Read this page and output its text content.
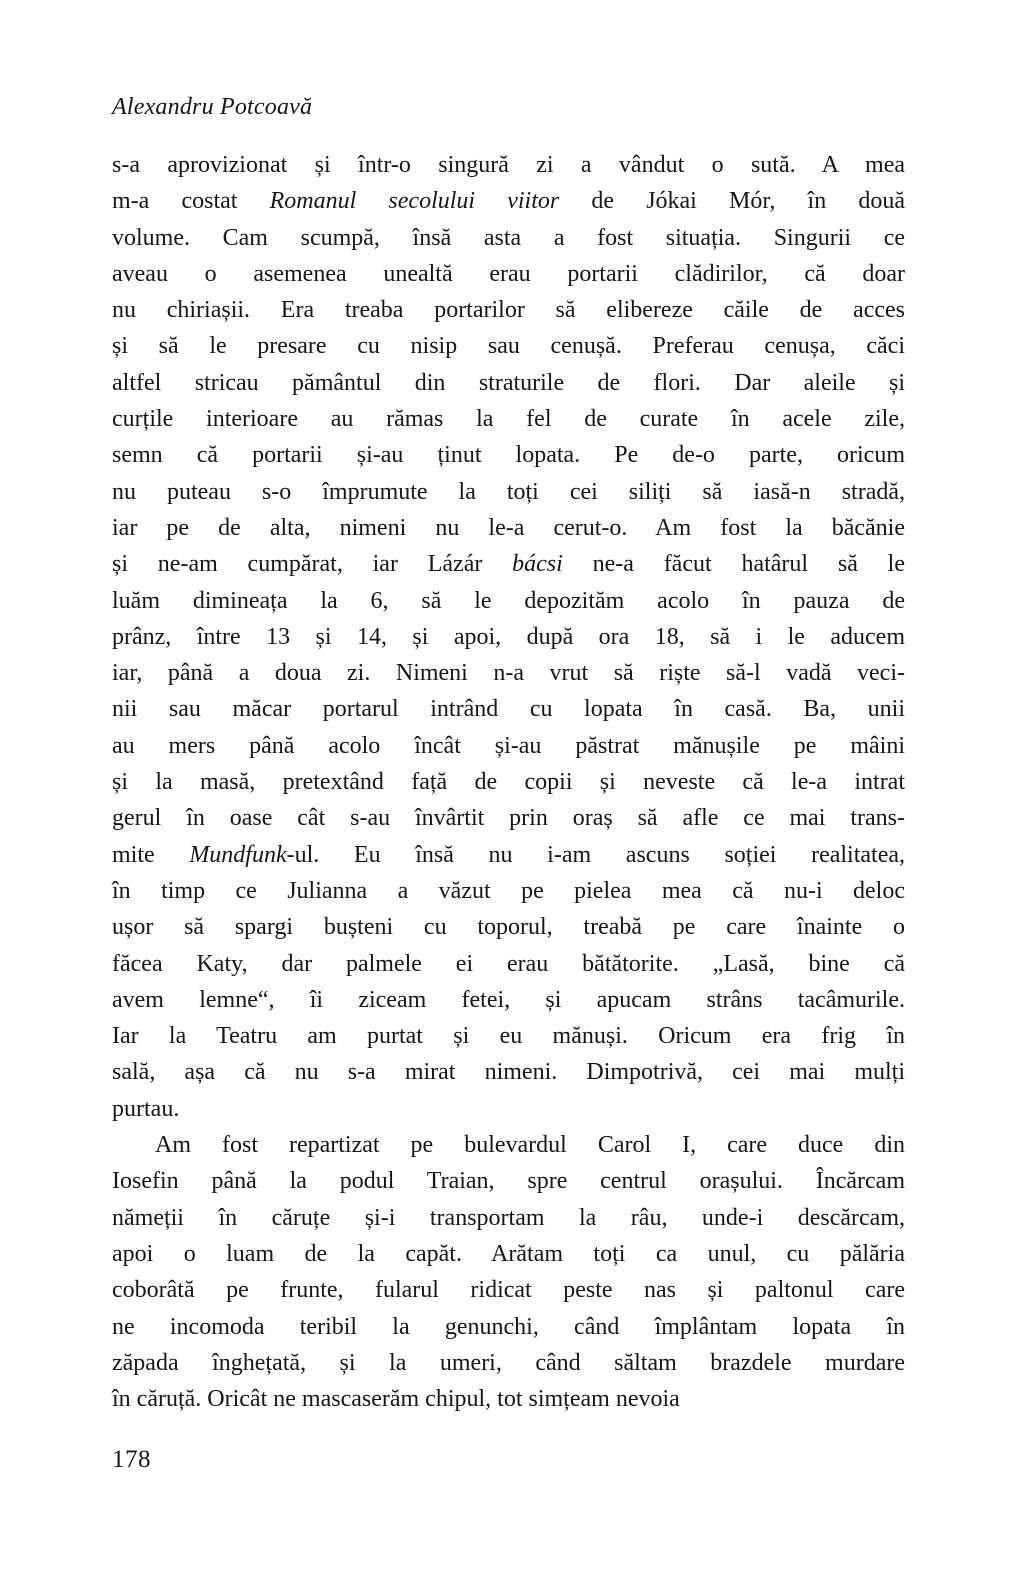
Alexandru Potcoavă
s-a aprovizionat și într-o singură zi a vândut o sută. A mea
m-a costat Romanul secolului viitor de Jókai Mór, în două
volume. Cam scumpă, însă asta a fost situația. Singurii ce
aveau o asemenea unealtă erau portarii clădirilor, că doar
nu chiriașii. Era treaba portarilor să elibereze căile de acces
și să le presare cu nisip sau cenușă. Preferau cenușa, căci
altfel stricau pământul din straturile de flori. Dar aleile și
curțile interioare au rămas la fel de curate în acele zile,
semn că portarii și-au ținut lopata. Pe de-o parte, oricum
nu puteau s-o împrumute la toți cei siliți să iasă-n stradă,
iar pe de alta, nimeni nu le-a cerut-o. Am fost la băcănie
și ne-am cumpărat, iar Lázár bácsi ne-a făcut hatârul să le
luăm dimineața la 6, să le depozităm acolo în pauza de
prânz, între 13 și 14, și apoi, după ora 18, să i le aducem
iar, până a doua zi. Nimeni n-a vrut să riște să-l vadă veci-
nii sau măcar portarul intrând cu lopata în casă. Ba, unii
au mers până acolo încât și-au păstrat mănușile pe mâini
și la masă, pretextând față de copii și neveste că le-a intrat
gerul în oase cât s-au învârtit prin oraș să afle ce mai trans-
mite Mundfunk-ul. Eu însă nu i-am ascuns soției realitatea,
în timp ce Julianna a văzut pe pielea mea că nu-i deloc
ușor să spargi bușteni cu toporul, treabă pe care înainte o
făcea Katy, dar palmele ei erau bătătorite. „Lasă, bine că
avem lemne“, îi ziceam fetei, și apucam strâns tacâmurile.
Iar la Teatru am purtat și eu mănuși. Oricum era frig în
sală, așa că nu s-a mirat nimeni. Dimpotrivă, cei mai mulți
purtau.
Am fost repartizat pe bulevardul Carol I, care duce din
Iosefin până la podul Traian, spre centrul orașului. Încărcam
nămeții în căruțe și-i transportam la râu, unde-i descărcam,
apoi o luam de la capăt. Arătam toți ca unul, cu pălăria
coborâtă pe frunte, fularul ridicat peste nas și paltonul care
ne incomoda teribil la genunchi, când împlântam lopata în
zăpada înghețată, și la umeri, când săltam brazdele murdare
în căruță. Oricât ne mascaserăm chipul, tot simțeam nevoia
178
